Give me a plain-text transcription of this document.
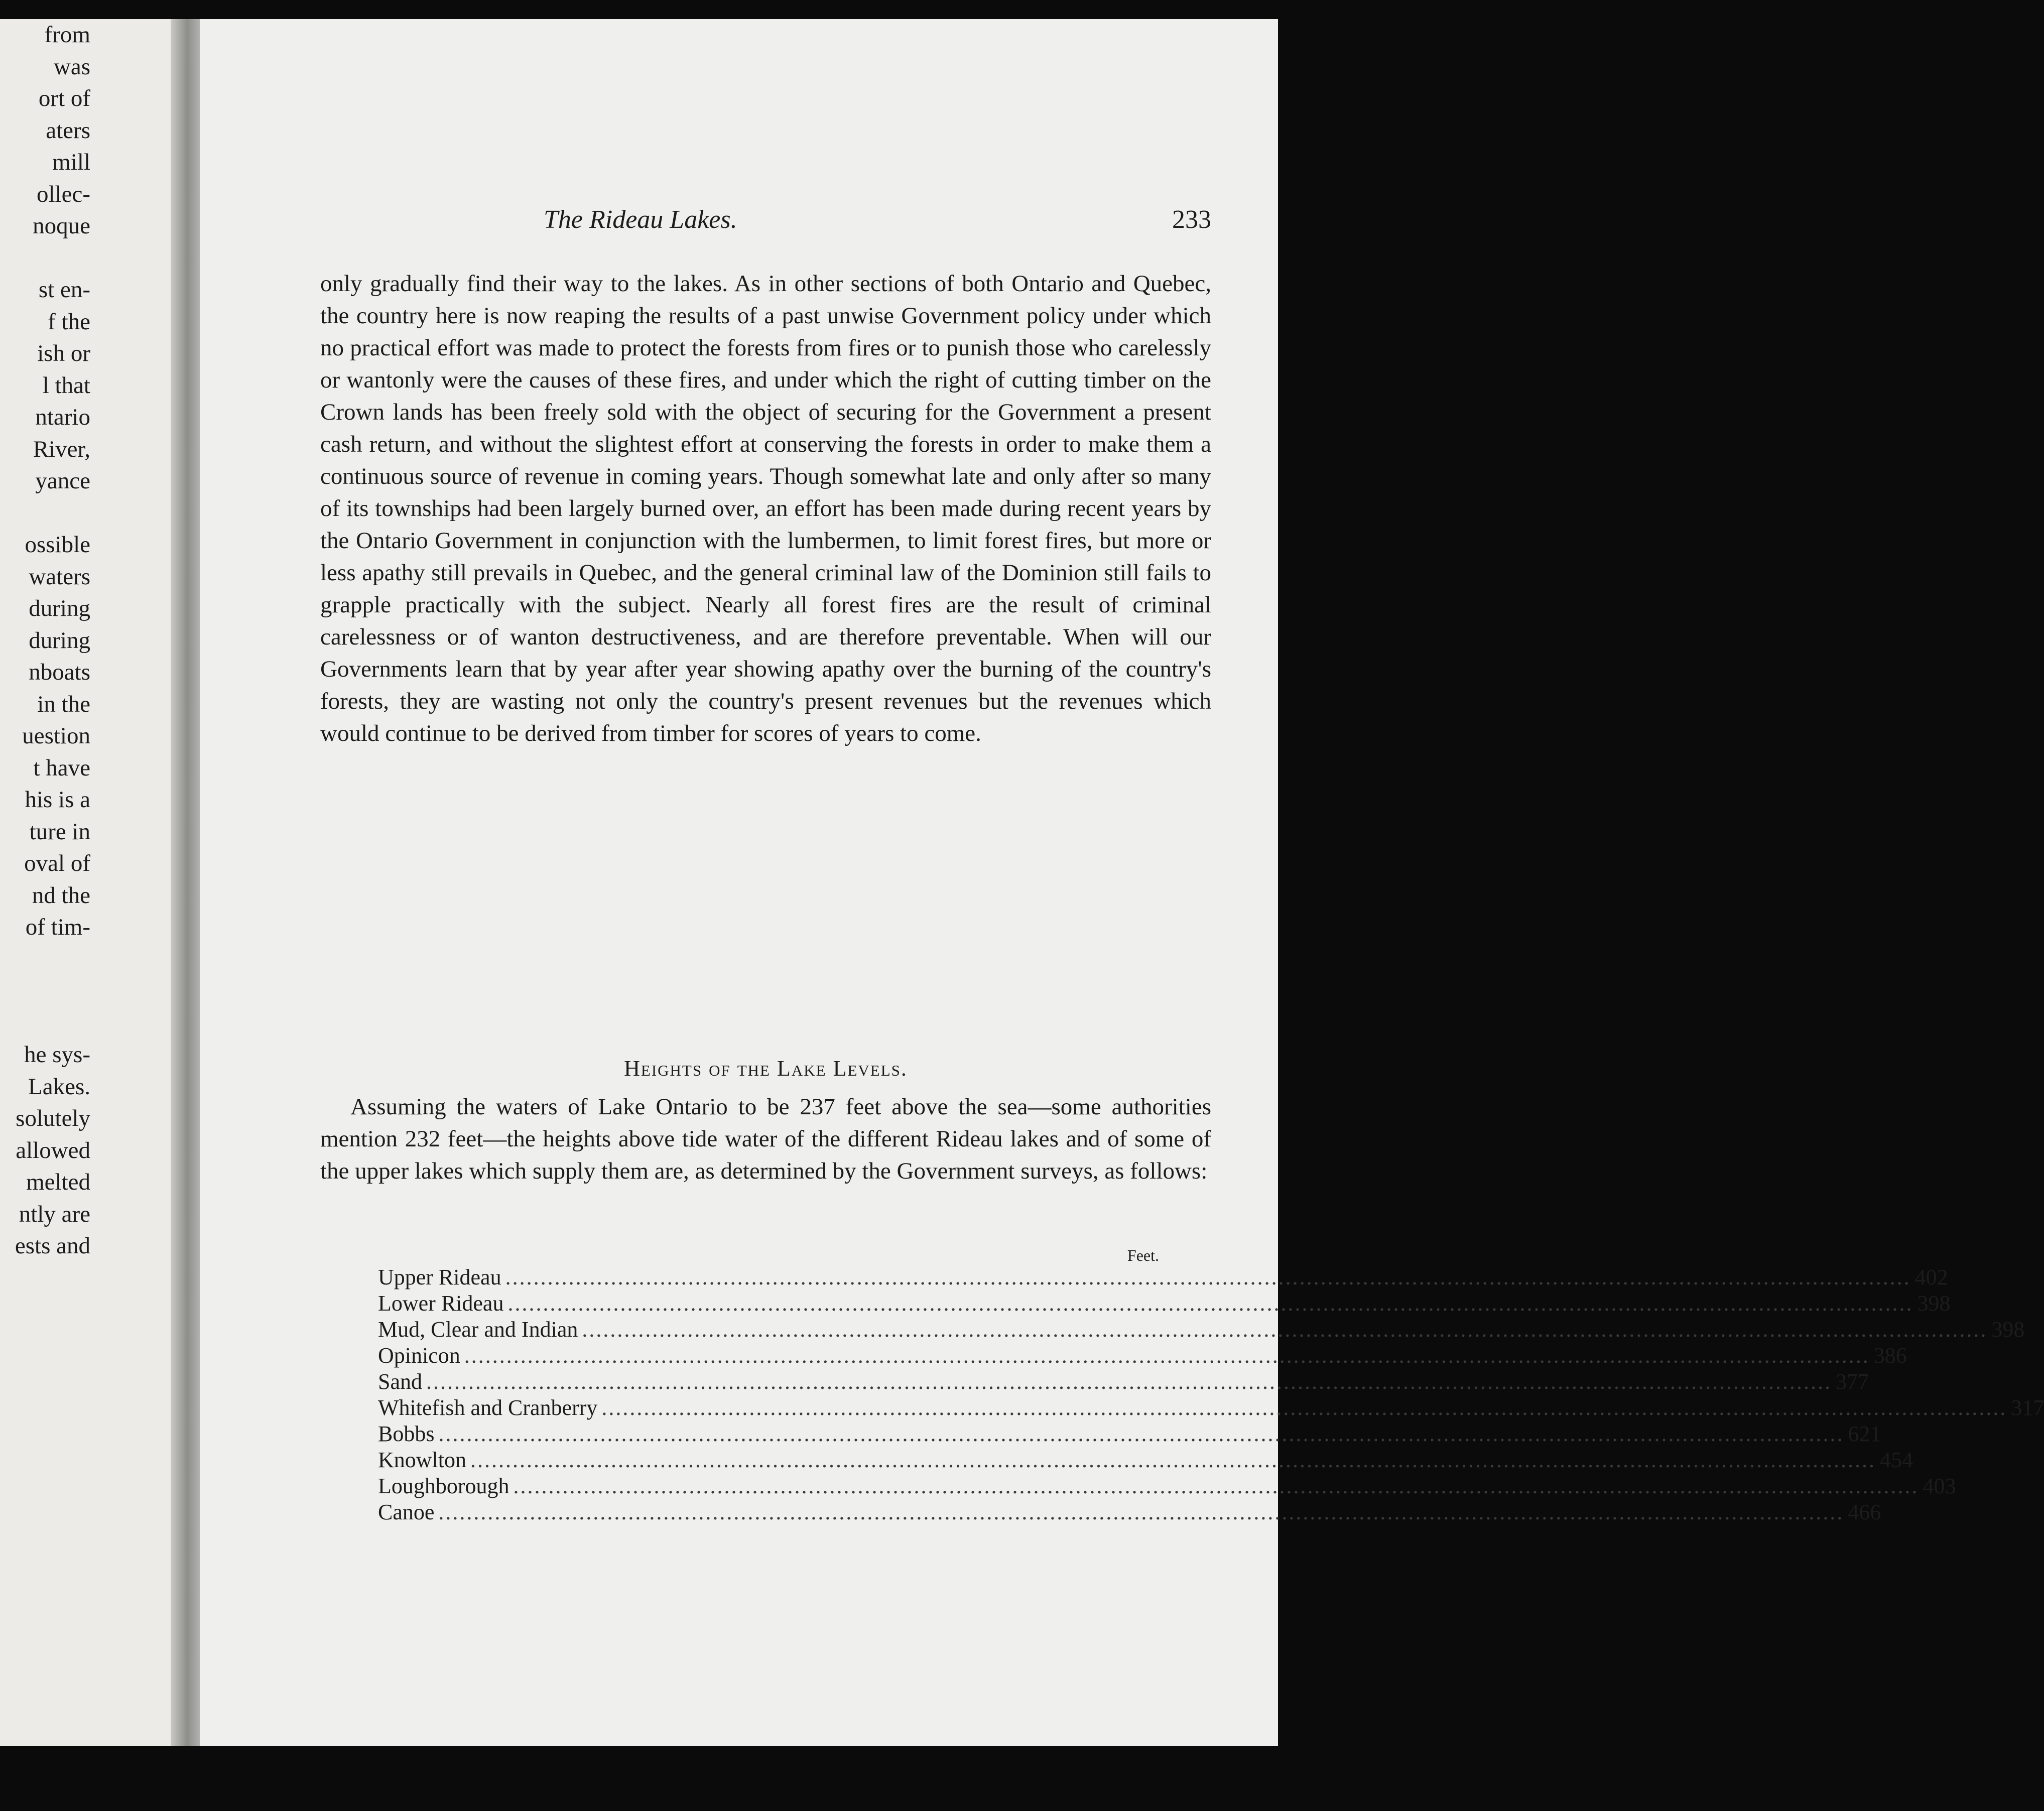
from
was
ort of
aters
mill
ollec-
noque
st en-
f the
ish or
l that
ntario
River,
yance
ossible
waters
during
during
nboats
in the
uestion
t have
his is a
ture in
oval of
nd the
of tim-
he sys-
Lakes.
solutely
allowed
melted
ntly are
ests and
The Rideau Lakes.	233

only gradually find their way to the lakes. As in other sections of both Ontario and Quebec, the country here is now reaping the results of a past unwise Government policy under which no practical effort was made to protect the forests from fires or to punish those who carelessly or wantonly were the causes of these fires, and under which the right of cutting timber on the Crown lands has been freely sold with the object of securing for the Government a present cash return, and without the slightest effort at conserving the forests in order to make them a continuous source of revenue in coming years. Though somewhat late and only after so many of its townships had been largely burned over, an effort has been made during recent years by the Ontario Government in conjunction with the lumbermen, to limit forest fires, but more or less apathy still prevails in Quebec, and the general criminal law of the Dominion still fails to grapple practically with the subject. Nearly all forest fires are the result of criminal carelessness or of wanton destructiveness, and are therefore preventable. When will our Governments learn that by year after year showing apathy over the burning of the country's forests, they are wasting not only the country's present revenues but the revenues which would continue to be derived from timber for scores of years to come.

Heights of the Lake Levels.

Assuming the waters of Lake Ontario to be 237 feet above the sea—some authorities mention 232 feet—the heights above tide water of the different Rideau lakes and of some of the upper lakes which supply them are, as determined by the Government surveys, as follows:

Feet.
Upper Rideau ........................................................................................................................................................................................................ 402
Lower Rideau ........................................................................................................................................................................................................ 398
Mud, Clear and Indian ........................................................................................................................................................................................................ 398
Opinicon ........................................................................................................................................................................................................ 386
Sand ........................................................................................................................................................................................................ 377
Whitefish and Cranberry ........................................................................................................................................................................................................ 317
Bobbs ........................................................................................................................................................................................................ 621
Knowlton ........................................................................................................................................................................................................ 454
Loughborough ........................................................................................................................................................................................................ 403
Canoe ........................................................................................................................................................................................................ 466
